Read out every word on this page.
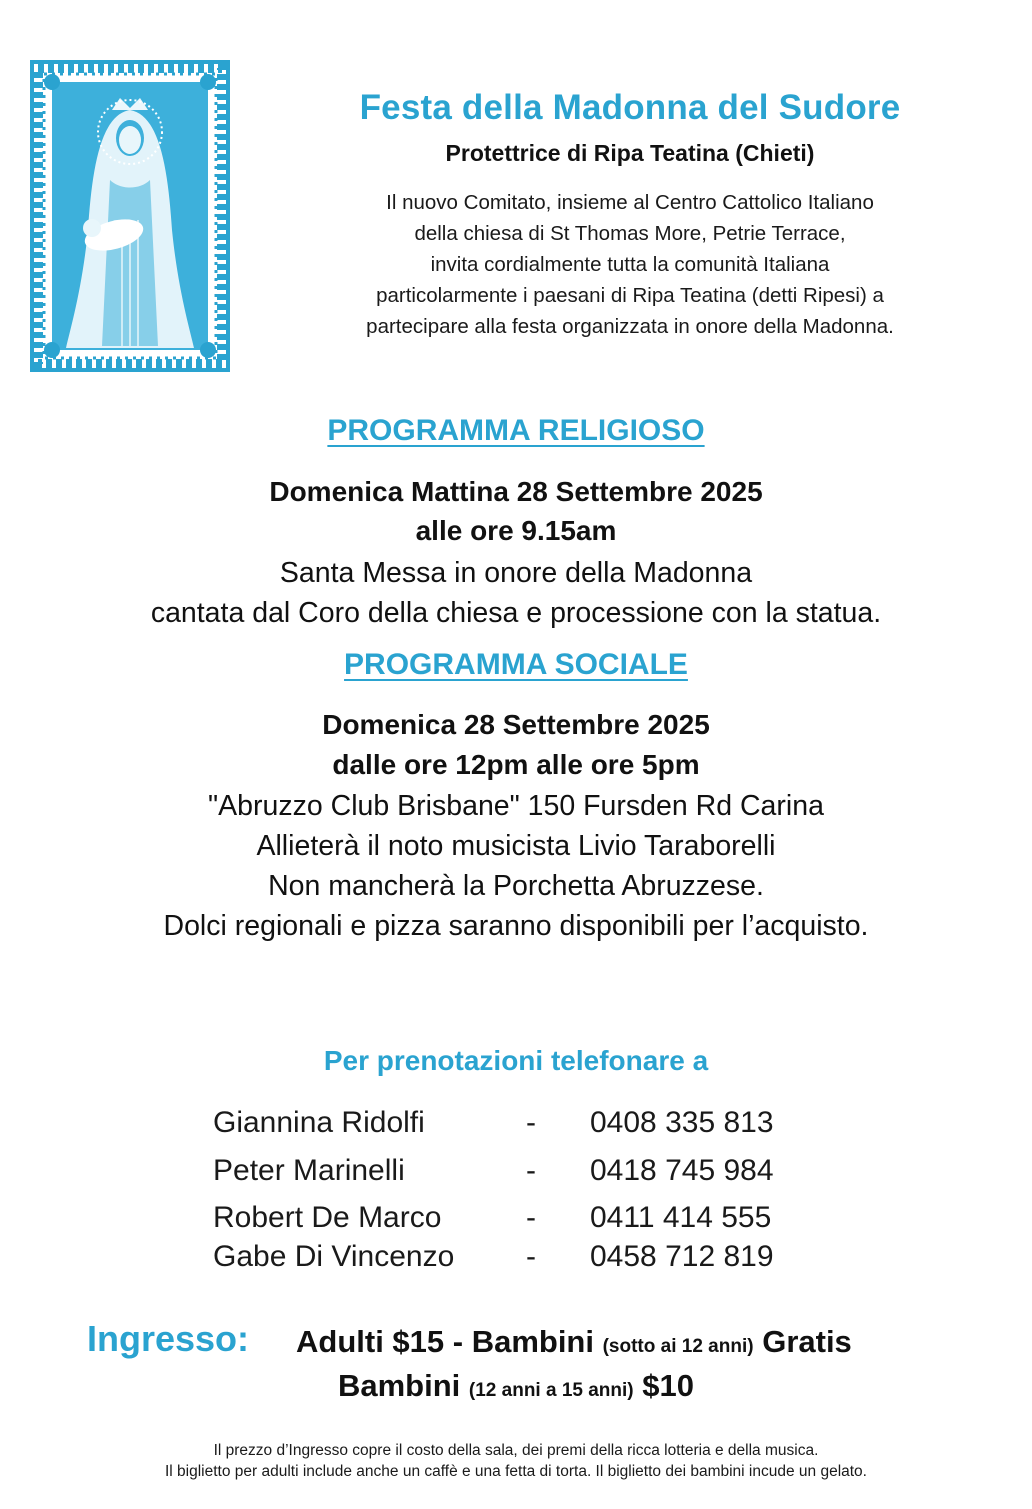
Festa della Madonna del Sudore
Protettrice di Ripa Teatina (Chieti)
Il nuovo Comitato, insieme al Centro Cattolico Italiano
della chiesa di St Thomas More, Petrie Terrace,
invita cordialmente tutta la comunità Italiana
particolarmente i paesani di Ripa Teatina (detti Ripesi) a
partecipare alla festa organizzata in onore della Madonna.
PROGRAMMA RELIGIOSO
Domenica Mattina 28 Settembre 2025
alle ore 9.15am
Santa Messa in onore della Madonna
cantata dal Coro della chiesa e processione con la statua.
PROGRAMMA SOCIALE
Domenica 28 Settembre 2025
dalle ore 12pm alle ore 5pm
"Abruzzo Club Brisbane" 150 Fursden Rd Carina
Allieterà il noto musicista Livio Taraborelli
Non mancherà la Porchetta Abruzzese.
Dolci regionali e pizza saranno disponibili per l’acquisto.
Per prenotazioni telefonare a
Giannina Ridolfi	- 0408 335 813
Peter Marinelli	- 0418 745 984
Robert De Marco	- 0411 414 555
Gabe Di Vincenzo - 0458 712 819
Ingresso: Adulti $15 - Bambini (sotto ai 12 anni) Gratis
Bambini (12 anni a 15 anni) $10
Il prezzo d’Ingresso copre il costo della sala, dei premi della ricca lotteria e della musica.
Il biglietto per adulti include anche un caffè e una fetta di torta. Il biglietto dei bambini incude un gelato.
